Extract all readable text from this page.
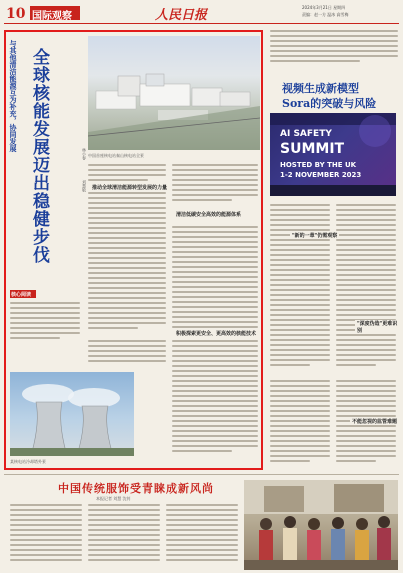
10 国际观察	人民日报
2024年3月21日 星期四
责编：赵一方 温冰 高雪梅
全球核能发展迈出稳健步伐
与其他清洁能源互为补充，协同发展
林小春
刘慧敏
核心阅读
中国首座核电站秦山核电站全景
推动全球清洁能源转型发展的力量
清洁低碳安全高效的能源体系
积极探索更安全、更高效的核能技术
某核电站冷却塔外景
视频生成新模型
Sora的突破与风险
AI SAFETY
SUMMIT
HOSTED BY THE UK
1-2 NOVEMBER 2023
"新的一章"仍需观察
"深度伪造"更难识别
不能忽视的监管难题
中国传统服饰受青睐成新风尚
本报记者 刘慧 沈钊
